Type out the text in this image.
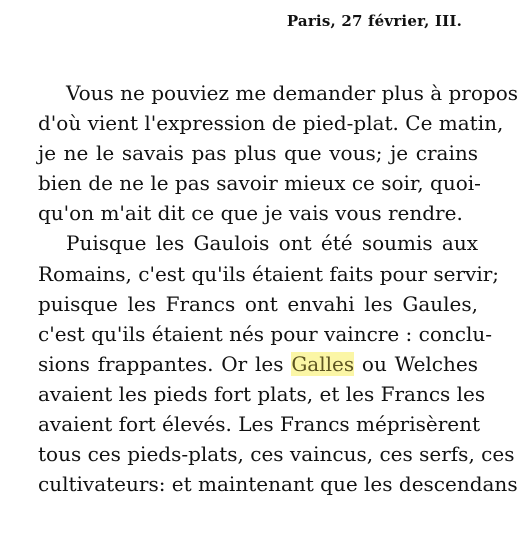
Paris, 27 février, III.
Vous ne pouviez me demander plus à propos
d'où vient l'expression de pied-plat. Ce matin,
je ne le savais pas plus que vous; je crains
bien de ne le pas savoir mieux ce soir, quoi-
qu'on m'ait dit ce que je vais vous rendre.
Puisque les Gaulois ont été soumis aux
Romains, c'est qu'ils étaient faits pour servir;
puisque les Francs ont envahi les Gaules,
c'est qu'ils étaient nés pour vaincre : conclu-
sions frappantes. Or les Galles ou Welches
avaient les pieds fort plats, et les Francs les
avaient fort élevés. Les Francs méprisèrent
tous ces pieds-plats, ces vaincus, ces serfs, ces
cultivateurs: et maintenant que les descendans
